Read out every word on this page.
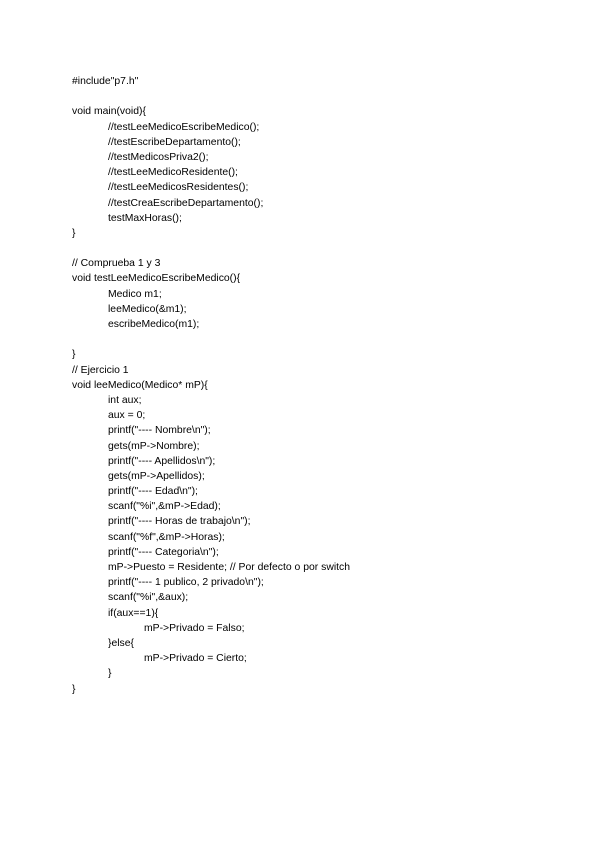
#include"p7.h"
void main(void){
//testLeeMedicoEscribeMedico();
//testEscribeDepartamento();
//testMedicosPriva2();
//testLeeMedicoResidente();
//testLeeMedicosResidentes();
//testCreaEscribeDepartamento();
testMaxHoras();
}
// Comprueba 1 y 3
void testLeeMedicoEscribeMedico(){
Medico m1;
leeMedico(&m1);
escribeMedico(m1);
}
// Ejercicio 1
void leeMedico(Medico* mP){
int aux;
aux = 0;
printf("---- Nombre\n");
gets(mP->Nombre);
printf("---- Apellidos\n");
gets(mP->Apellidos);
printf("---- Edad\n");
scanf("%i",&mP->Edad);
printf("---- Horas de trabajo\n");
scanf("%f",&mP->Horas);
printf("---- Categoria\n");
mP->Puesto = Residente; // Por defecto o por switch
printf("---- 1 publico, 2 privado\n");
scanf("%i",&aux);
if(aux==1){
mP->Privado = Falso;
}else{
mP->Privado = Cierto;
}
}
